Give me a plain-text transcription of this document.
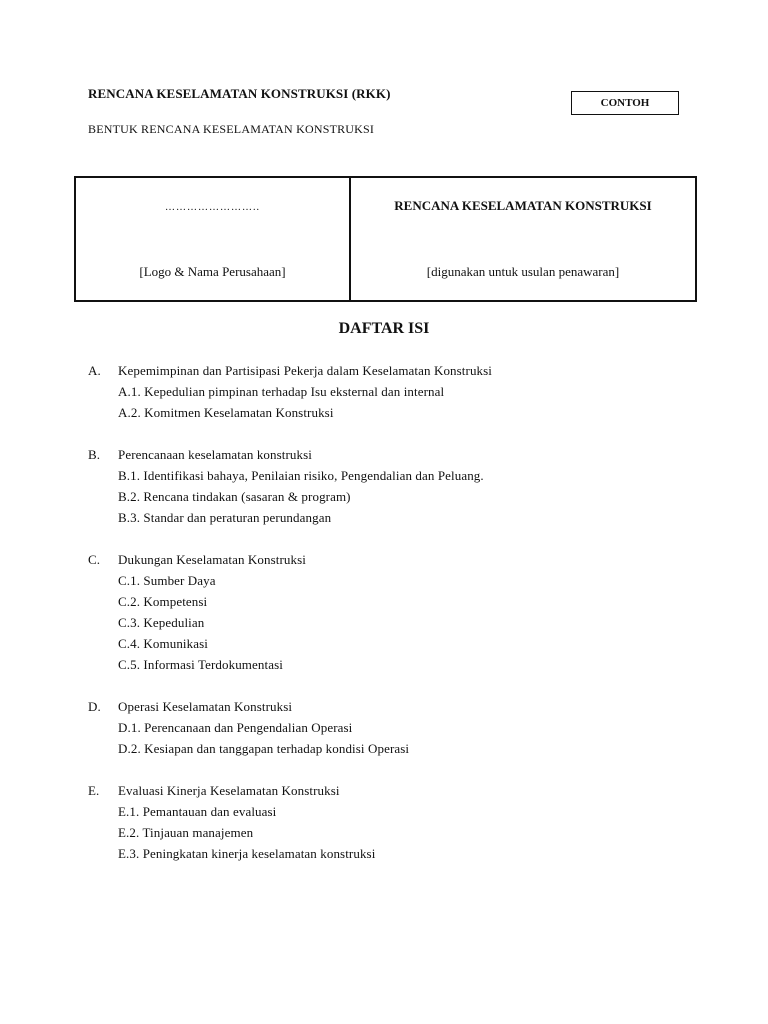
RENCANA KESELAMATAN KONSTRUKSI (RKK)
CONTOH
BENTUK RENCANA KESELAMATAN KONSTRUKSI
……………………..
[Logo & Nama Perusahaan]
RENCANA KESELAMATAN KONSTRUKSI
[digunakan untuk usulan penawaran]
DAFTAR ISI
A. Kepemimpinan dan Partisipasi Pekerja dalam Keselamatan Konstruksi
A.1. Kepedulian pimpinan terhadap Isu eksternal dan internal
A.2. Komitmen Keselamatan Konstruksi
B. Perencanaan keselamatan konstruksi
B.1. Identifikasi bahaya, Penilaian risiko, Pengendalian dan Peluang.
B.2. Rencana tindakan (sasaran & program)
B.3. Standar dan peraturan perundangan
C. Dukungan Keselamatan Konstruksi
C.1. Sumber Daya
C.2. Kompetensi
C.3. Kepedulian
C.4. Komunikasi
C.5. Informasi Terdokumentasi
D. Operasi Keselamatan Konstruksi
D.1. Perencanaan dan Pengendalian Operasi
D.2. Kesiapan dan tanggapan terhadap kondisi Operasi
E. Evaluasi Kinerja Keselamatan Konstruksi
E.1. Pemantauan dan evaluasi
E.2. Tinjauan manajemen
E.3. Peningkatan kinerja keselamatan konstruksi
